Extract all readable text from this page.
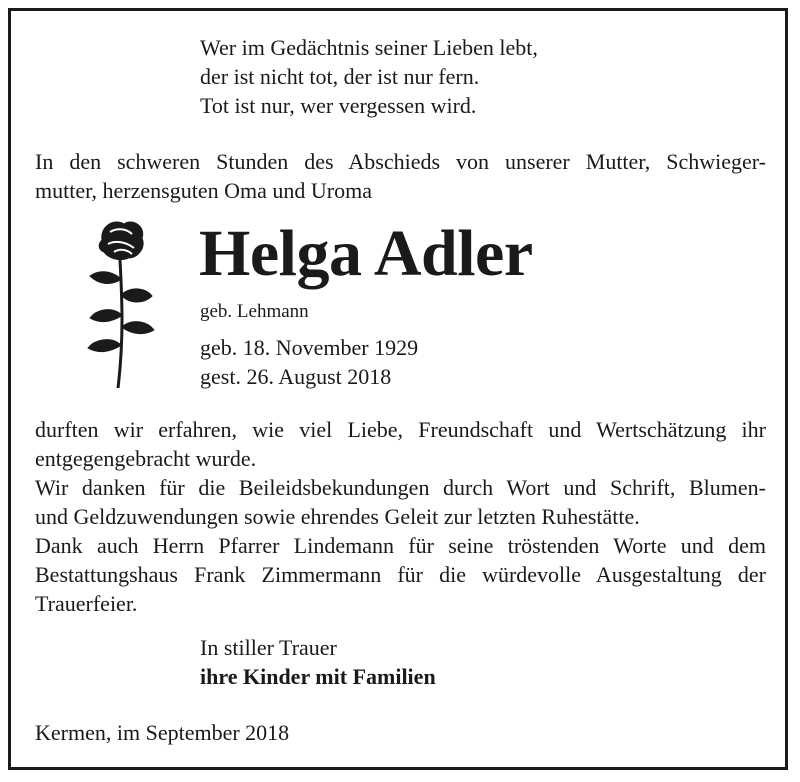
Wer im Gedächtnis seiner Lieben lebt,
der ist nicht tot, der ist nur fern.
Tot ist nur, wer vergessen wird.
In den schweren Stunden des Abschieds von unserer Mutter, Schwieger-
mutter, herzensguten Oma und Uroma
Helga Adler
geb. Lehmann
geb. 18. November 1929
gest. 26. August 2018
durften wir erfahren, wie viel Liebe, Freundschaft und Wertschätzung ihr
entgegengebracht wurde.
Wir danken für die Beileidsbekundungen durch Wort und Schrift, Blumen-
und Geldzuwendungen sowie ehrendes Geleit zur letzten Ruhestätte.
Dank auch Herrn Pfarrer Lindemann für seine tröstenden Worte und dem
Bestattungshaus Frank Zimmermann für die würdevolle Ausgestaltung der
Trauerfeier.
In stiller Trauer
ihre Kinder mit Familien
Kermen, im September 2018
